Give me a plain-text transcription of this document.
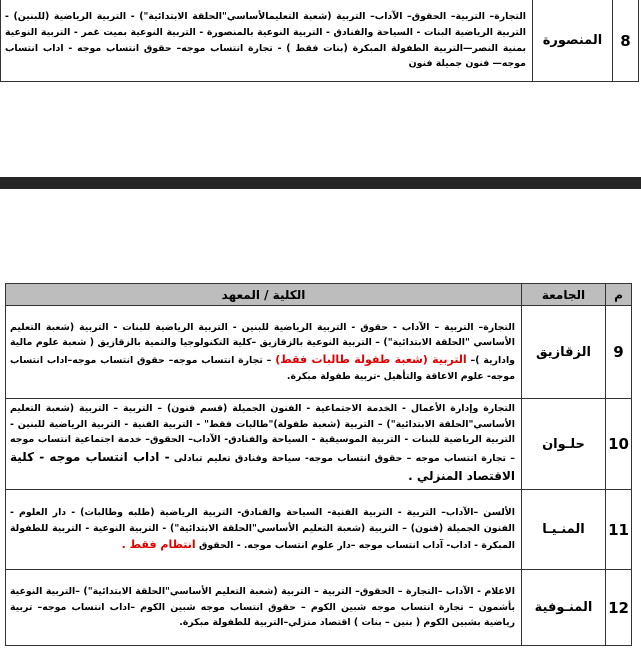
8	المنصورة	التجارة– التربية– الحقوق– الآداب– التربية (شعبة التعليمالأساسي"الحلقة الابتدائية") - التربية الرياضية (للبنين) - التربية الرياضية البنات - السياحة والفنادق - التربية النوعية بالمنصورة - التربية النوعية بميت غمر - التربية النوعية بمنية النصر—التربية الطفولة المبكرة (بنات فقط ) - تجارة انتساب موجه– حقوق انتساب موجه - اداب انتساب موجه— فنون جميلة فنون
م	الجامعة	الكلية / المعهد
9	الزقازيق	التجارة– التربية – الآداب - حقوق - التربية الرياضية للبنين - التربية الرياضية للبنات - التربية (شعبة التعليم الأساسي "الحلقة الابتدائية") – التربية النوعية بالزقازيق –كلية التكنولوجيا والتمية بالزقازيق ( شعبة علوم مالية وادارية )– التربية (شعبة طفولة طالبات فقط) – تجارة انتساب موجه– حقوق انتساب موجه–اداب انتساب موجه- علوم الاعاقة والتأهيل -تربية طفولة مبكرة.
10	حلـوان	التجارة وإدارة الأعمال - الخدمة الاجتماعية - الفنون الجميلة (قسم فنون) – التربية – التربية (شعبة التعليم الأساسي"الحلقة الابتدائية") – التربية (شعبة طفولة)"طالبات فقط" - التربية الفنية - التربية الرياضية للبنين - التربية الرياضية للبنات - التربية الموسيقية - السياحة والفنادق- الآداب– الحقوق– خدمة اجتماعية انتساب موجه – تجارة انتساب موجه – حقوق انتساب موجه- سياحة وفنادق تعليم تبادلى - اداب انتساب موجه - كلية الاقتصاد المنزلي .
11	المنـيـا	الألسن –الآداب– التربية - التربية الفنية- السياحة والفنادق- التربية الرياضية (طلبه وطالبات) - دار العلوم - الفنون الجميلة (فنون) – التربية (شعبة التعليم الأساسي"الحلقة الابتدائية") - التربية النوعية - التربية للطفولة المبكرة - اداب- آداب انتساب موجه –دار علوم انتساب موجه. - الحقوق انتظام فقط .
12	المنـوفية	الاعلام - الآداب –التجارة – الحقوق– التربية – التربية (شعبة التعليم الأساسي"الحلقة الابتدائية") –التربية النوعية بأشمون – تجارة انتساب موجه شبين الكوم – حقوق انتساب موجه شبين الكوم –اداب انتساب موجه– تربية رياضية بشبين الكوم ( بنين – بنات ) اقتصاد منزلي–التربية للطفولة مبكرة.
